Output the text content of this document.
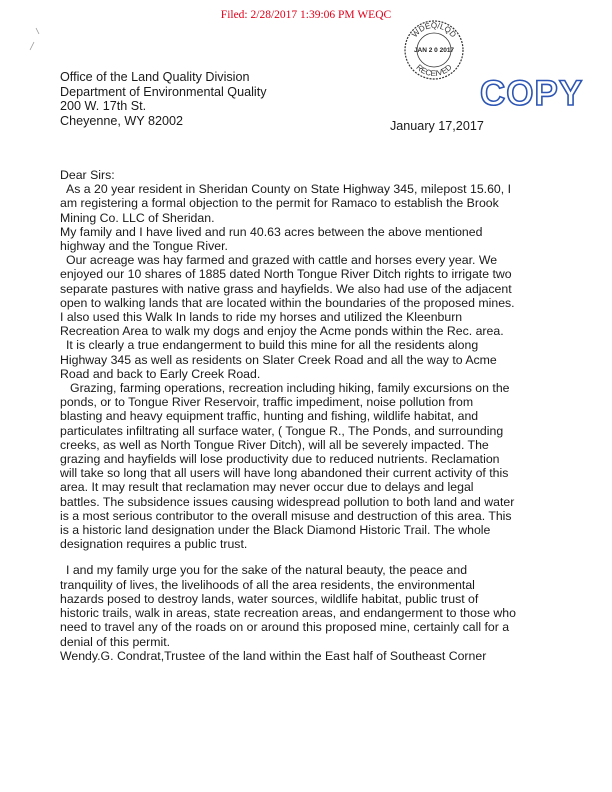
Filed: 2/28/2017 1:39:06 PM WEQC
WDEQ/LQD
RECEIVED
JAN 2 0 2017
COPY
Office of the Land Quality Division
Department of Environmental Quality
200 W. 17th St.
Cheyenne, WY 82002	January 17,2017

Dear Sirs:

As a 20 year resident in Sheridan County on State Highway 345, milepost 15.60, I am registering a formal objection to the permit for Ramaco to establish the Brook Mining Co. LLC of Sheridan.

My family and I have lived and run 40.63 acres between the above mentioned highway and the Tongue River.

Our acreage was hay farmed and grazed with cattle and horses every year. We enjoyed our 10 shares of 1885 dated North Tongue River Ditch rights to irrigate two separate pastures with native grass and hayfields. We also had use of the adjacent open to walking lands that are located within the boundaries of the proposed mines. I also used this Walk In lands to ride my horses and utilized the Kleenburn Recreation Area to walk my dogs and enjoy the Acme ponds within the Rec. area.

It is clearly a true endangerment to build this mine for all the residents along Highway 345 as well as residents on Slater Creek Road and all the way to Acme Road and back to Early Creek Road.

Grazing, farming operations, recreation including hiking, family excursions on the ponds, or to Tongue River Reservoir, traffic impediment, noise pollution from blasting and heavy equipment traffic, hunting and fishing, wildlife habitat, and particulates infiltrating all surface water, ( Tongue R., The Ponds, and surrounding creeks, as well as North Tongue River Ditch), will all be severely impacted. The grazing and hayfields will lose productivity due to reduced nutrients. Reclamation will take so long that all users will have long abandoned their current activity of this area. It may result that reclamation may never occur due to delays and legal battles. The subsidence issues causing widespread pollution to both land and water is a most serious contributor to the overall misuse and destruction of this area. This is a historic land designation under the Black Diamond Historic Trail. The whole designation requires a public trust.

I and my family urge you for the sake of the natural beauty, the peace and tranquility of lives, the livelihoods of all the area residents, the environmental hazards posed to destroy lands, water sources, wildlife habitat, public trust of historic trails, walk in areas, state recreation areas, and endangerment to those who need to travel any of the roads on or around this proposed mine, certainly call for a denial of this permit.

Wendy.G. Condrat,Trustee of the land within the East half of Southeast Corner
